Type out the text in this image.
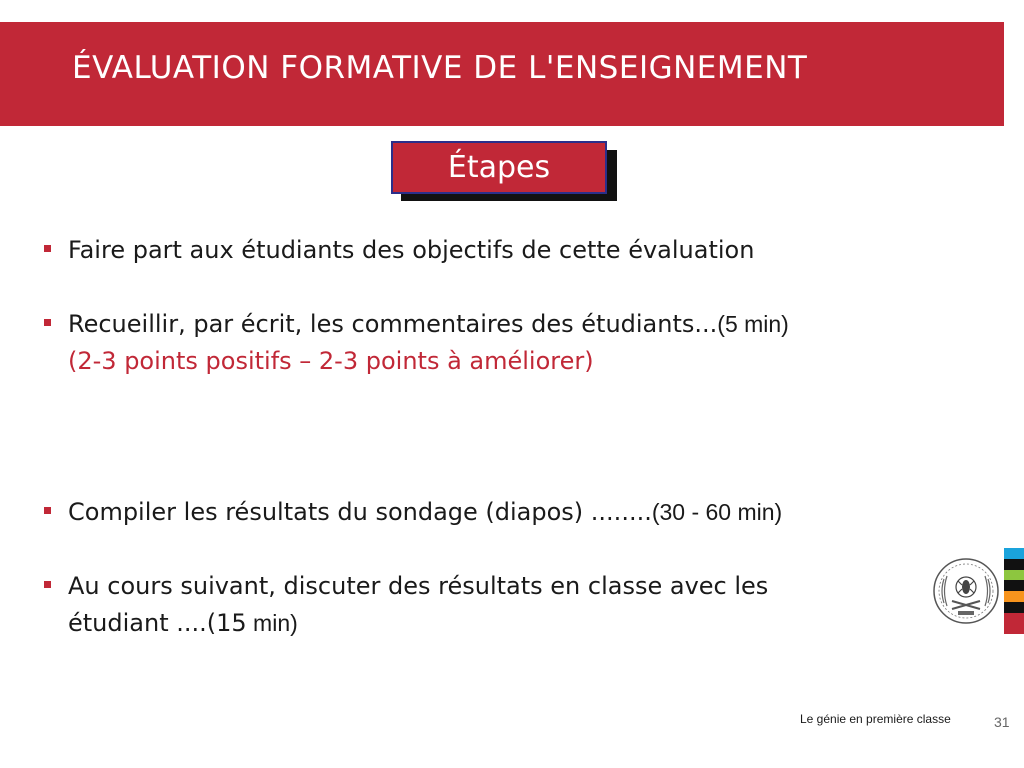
ÉVALUATION FORMATIVE DE L'ENSEIGNEMENT
Étapes
Faire part aux étudiants des objectifs de cette évaluation
Recueillir, par écrit, les commentaires des étudiants...(5 min)
(2-3 points positifs – 2-3 points à améliorer)
Compiler les résultats du sondage (diapos) ........(30 - 60 min)
Au cours suivant, discuter des résultats en classe avec les
étudiant ....(15 min)
Le génie en première classe	31
